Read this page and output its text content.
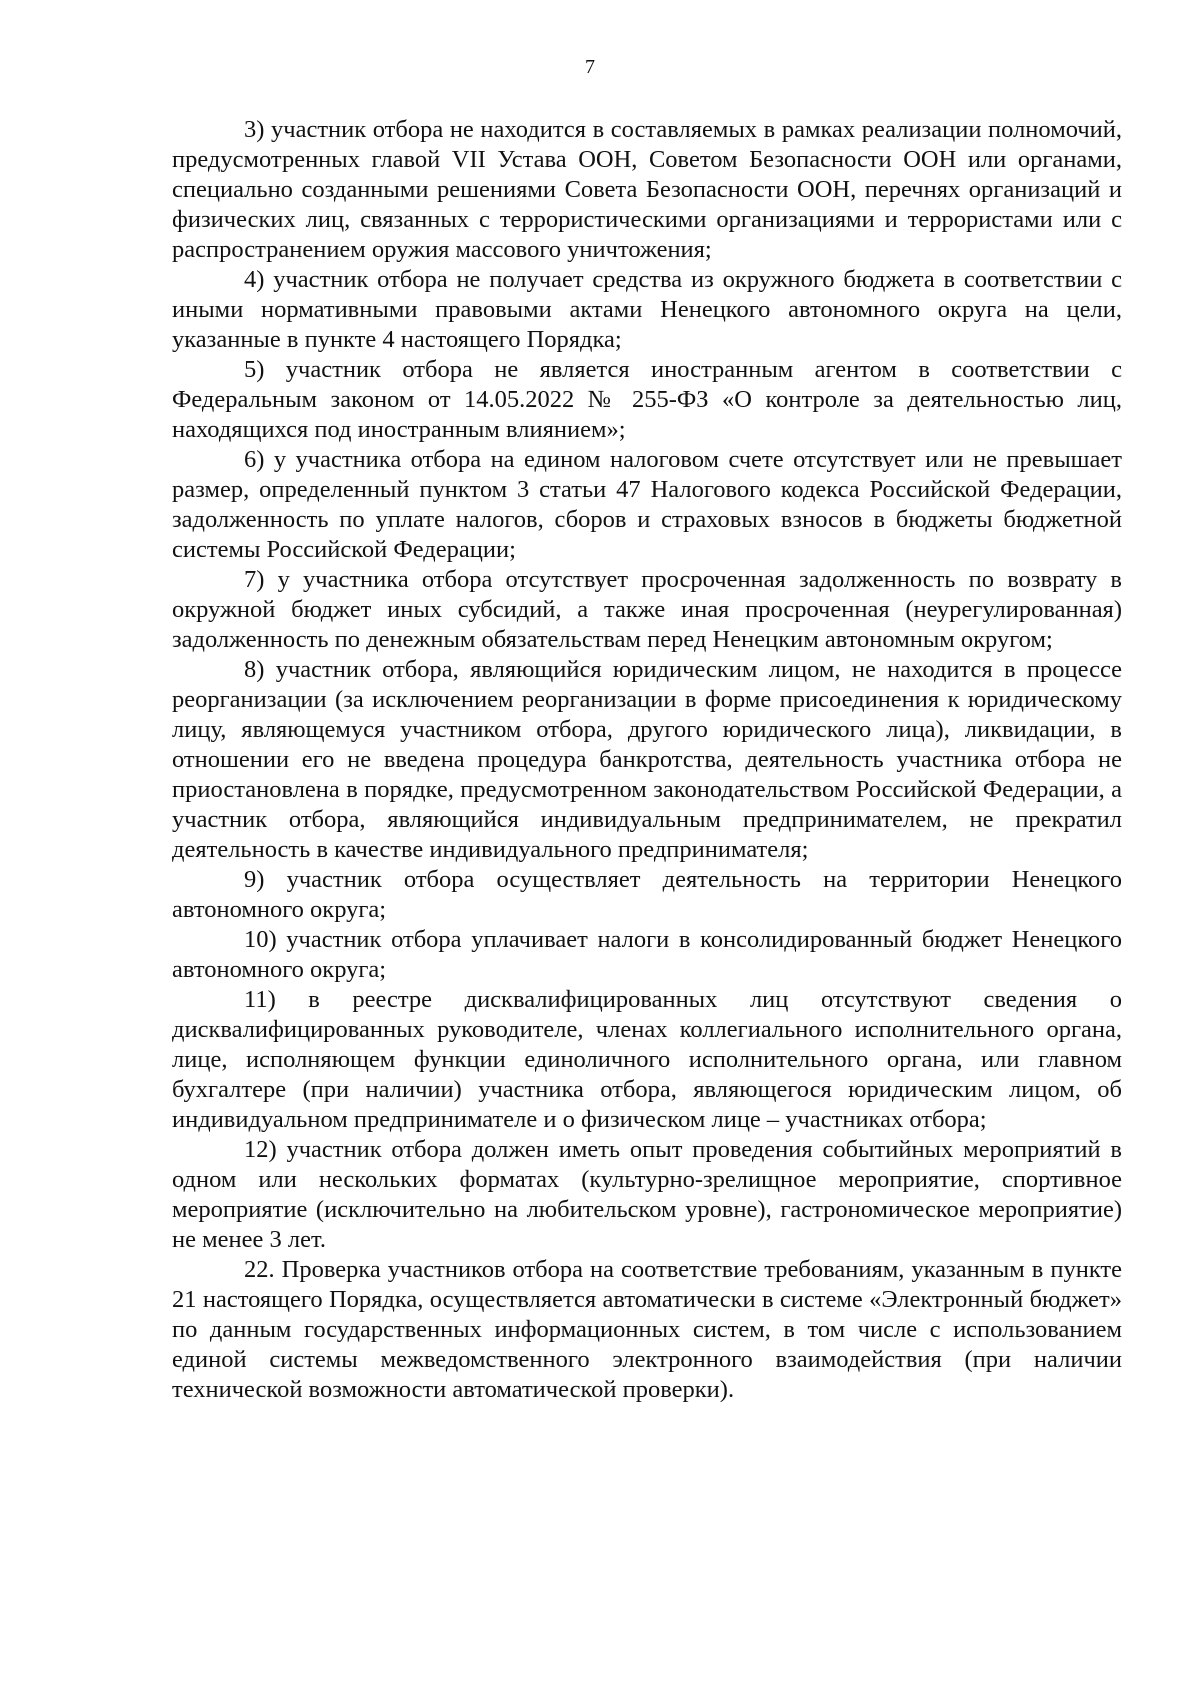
7

3) участник отбора не находится в составляемых в рамках реализации полномочий, предусмотренных главой VII Устава ООН, Советом Безопасности ООН или органами, специально созданными решениями Совета Безопасности ООН, перечнях организаций и физических лиц, связанных с террористическими организациями и террористами или с распространением оружия массового уничтожения;

4) участник отбора не получает средства из окружного бюджета в соответствии с иными нормативными правовыми актами Ненецкого автономного округа на цели, указанные в пункте 4 настоящего Порядка;

5) участник отбора не является иностранным агентом в соответствии с Федеральным законом от 14.05.2022 № 255-ФЗ «О контроле за деятельностью лиц, находящихся под иностранным влиянием»;

6) у участника отбора на едином налоговом счете отсутствует или не превышает размер, определенный пунктом 3 статьи 47 Налогового кодекса Российской Федерации, задолженность по уплате налогов, сборов и страховых взносов в бюджеты бюджетной системы Российской Федерации;

7) у участника отбора отсутствует просроченная задолженность по возврату в окружной бюджет иных субсидий, а также иная просроченная (неурегулированная) задолженность по денежным обязательствам перед Ненецким автономным округом;

8) участник отбора, являющийся юридическим лицом, не находится в процессе реорганизации (за исключением реорганизации в форме присоединения к юридическому лицу, являющемуся участником отбора, другого юридического лица), ликвидации, в отношении его не введена процедура банкротства, деятельность участника отбора не приостановлена в порядке, предусмотренном законодательством Российской Федерации, а участник отбора, являющийся индивидуальным предпринимателем, не прекратил деятельность в качестве индивидуального предпринимателя;

9) участник отбора осуществляет деятельность на территории Ненецкого автономного округа;

10) участник отбора уплачивает налоги в консолидированный бюджет Ненецкого автономного округа;

11) в реестре дисквалифицированных лиц отсутствуют сведения о дисквалифицированных руководителе, членах коллегиального исполнительного органа, лице, исполняющем функции единоличного исполнительного органа, или главном бухгалтере (при наличии) участника отбора, являющегося юридическим лицом, об индивидуальном предпринимателе и о физическом лице – участниках отбора;

12) участник отбора должен иметь опыт проведения событийных мероприятий в одном или нескольких форматах (культурно-зрелищное мероприятие, спортивное мероприятие (исключительно на любительском уровне), гастрономическое мероприятие) не менее 3 лет.

22. Проверка участников отбора на соответствие требованиям, указанным в пункте 21 настоящего Порядка, осуществляется автоматически в системе «Электронный бюджет» по данным государственных информационных систем, в том числе с использованием единой системы межведомственного электронного взаимодействия (при наличии технической возможности автоматической проверки).
